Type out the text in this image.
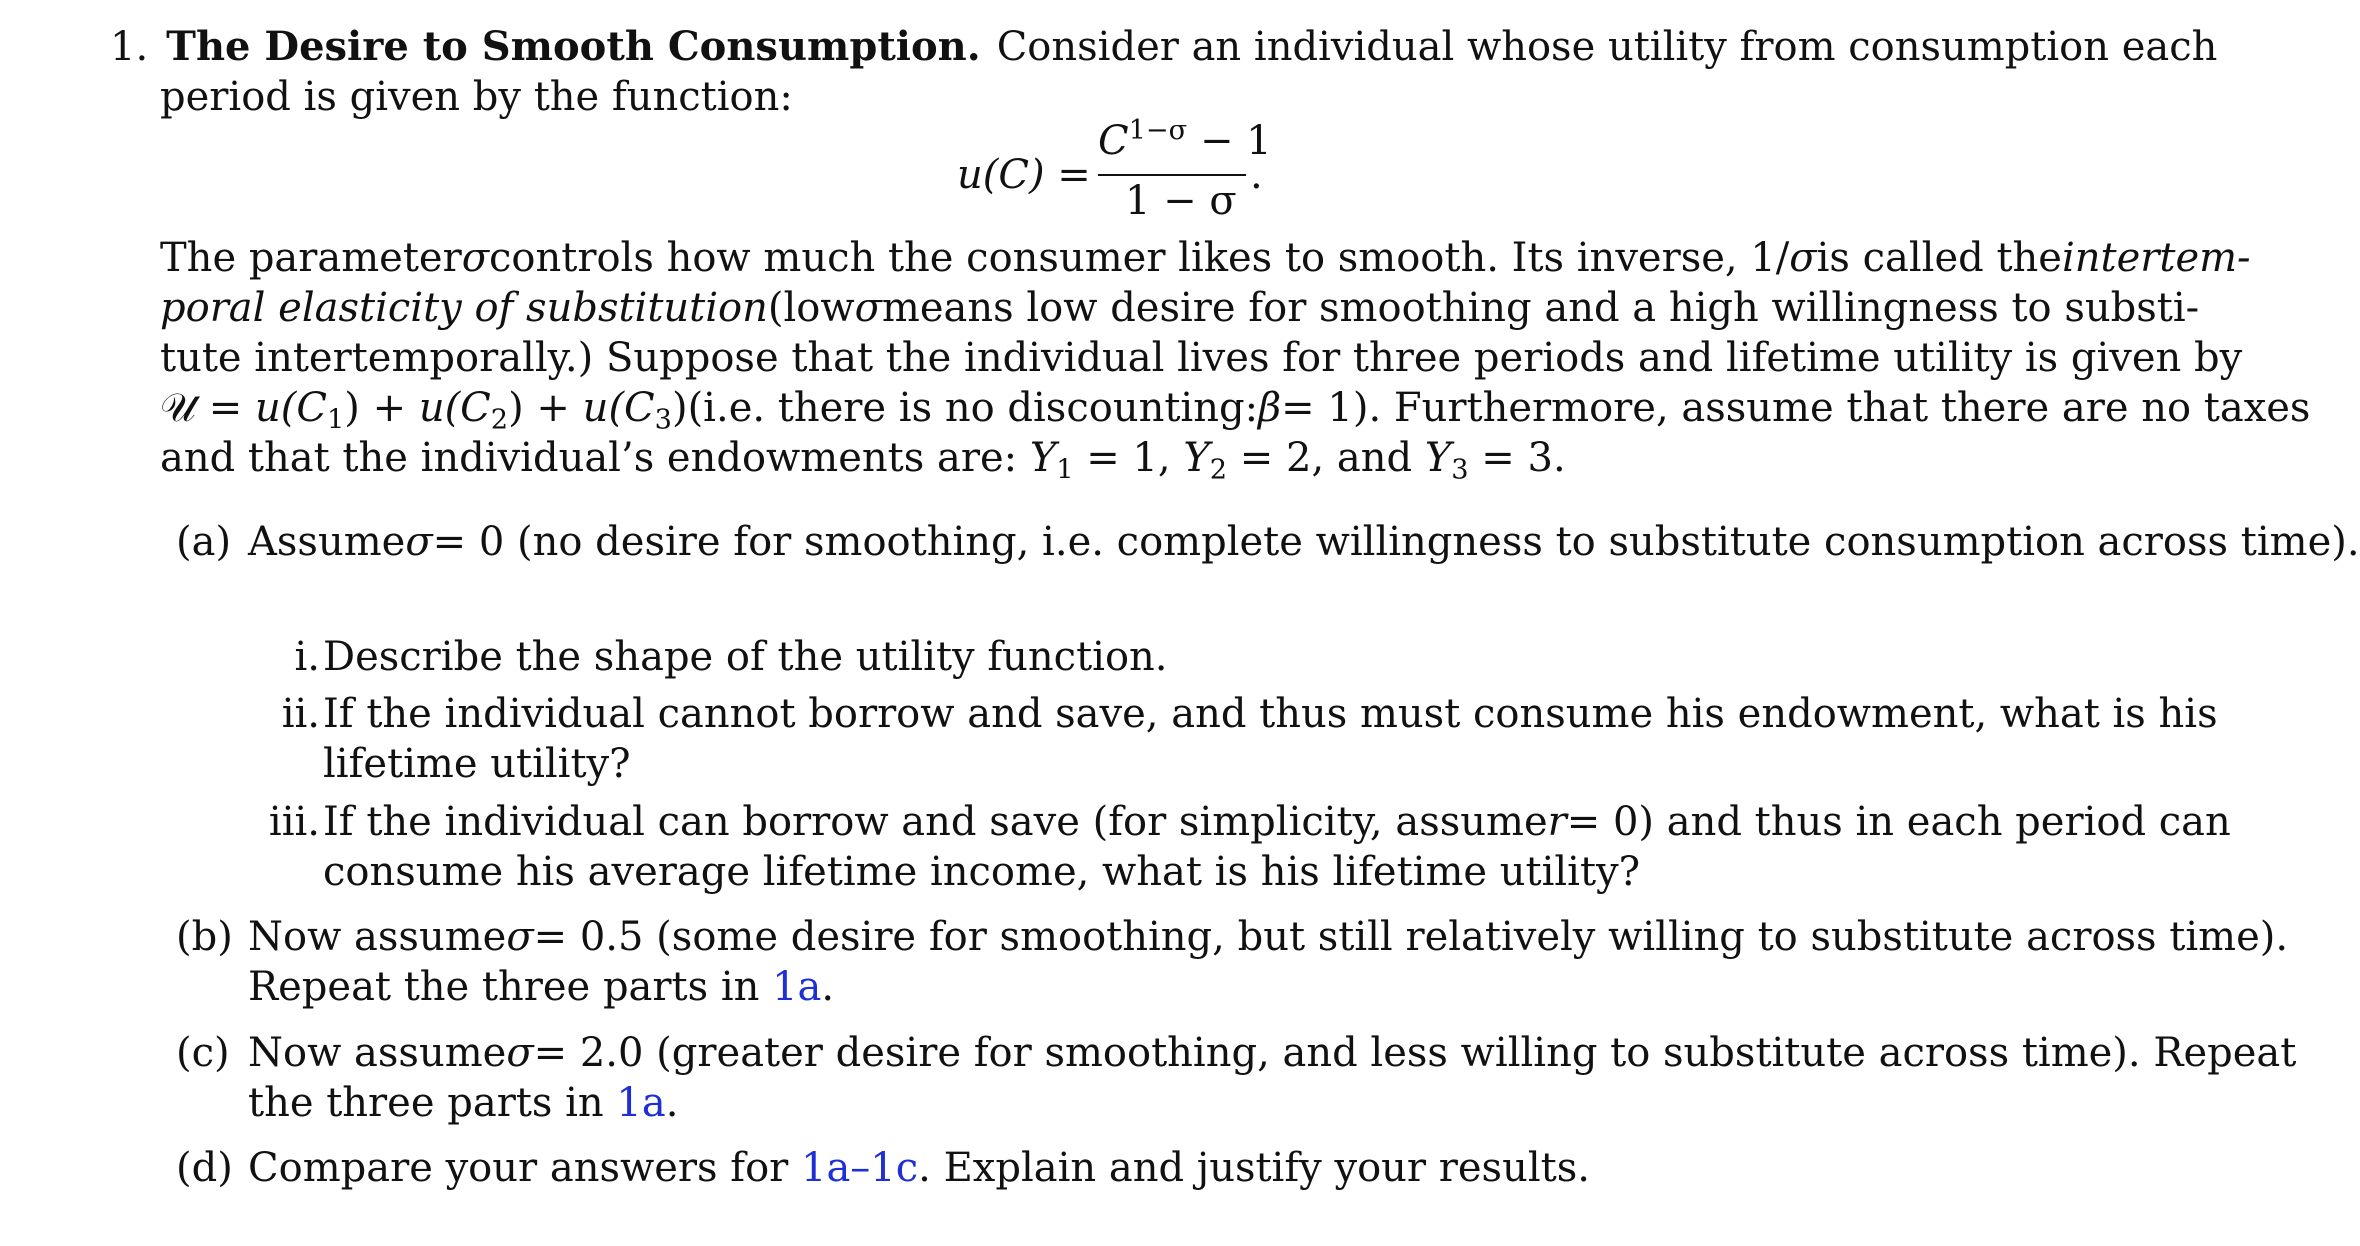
1. The Desire to Smooth Consumption. Consider an individual whose utility from consumption each
period is given by the function:
u(C) =
$C^{1-\sigma} - 1$
1 − σ
.
The parameter σ controls how much the consumer likes to smooth. Its inverse, 1/ σ is called the intertem-
poral elasticity of substitution (low σ means low desire for smoothing and a high willingness to substi-
tute intertemporally.) Suppose that the individual lives for three periods and lifetime utility is given by
𝒰 = $u(C_1) + u(C_2) + u(C_3)$ (i.e. there is no discounting: β = 1). Furthermore, assume that there are no taxes
and that the individual’s endowments are: $Y_1 = 1$, $Y_2 = 2$, and $Y_3 = 3$.
(a) Assume σ = 0 (no desire for smoothing, i.e. complete willingness to substitute consumption across time).
i. Describe the shape of the utility function.
ii. If the individual cannot borrow and save, and thus must consume his endowment, what is his
lifetime utility?
iii. If the individual can borrow and save (for simplicity, assume r = 0) and thus in each period can
consume his average lifetime income, what is his lifetime utility?
(b) Now assume σ = 0.5 (some desire for smoothing, but still relatively willing to substitute across time).
Repeat the three parts in 1a.
(c) Now assume σ = 2.0 (greater desire for smoothing, and less willing to substitute across time). Repeat
the three parts in 1a.
(d) Compare your answers for 1a–1c. Explain and justify your results.
